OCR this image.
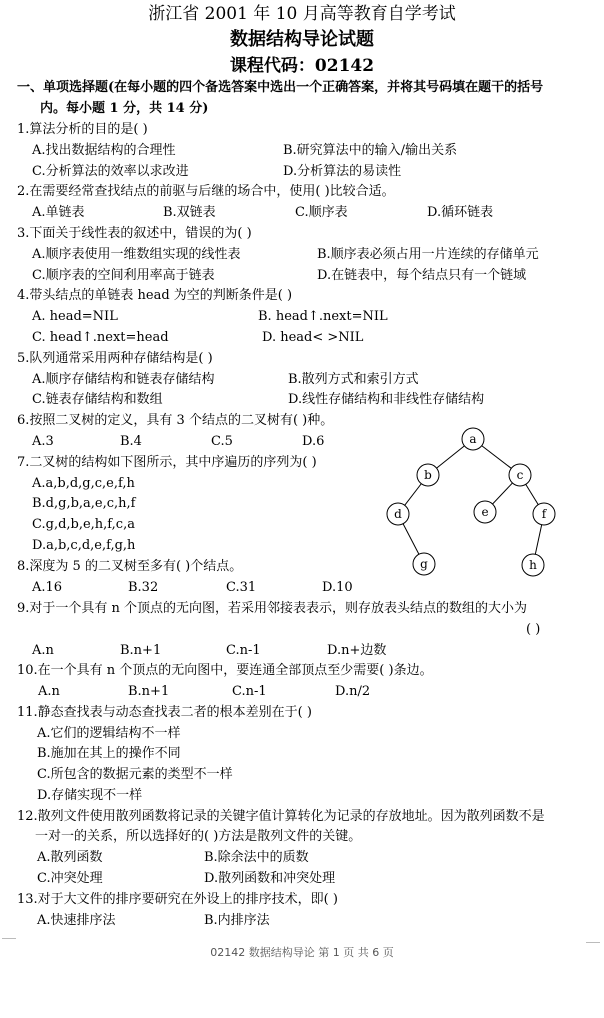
浙江省 2001 年 10 月高等教育自学考试
数据结构导论试题
课程代码：02142
一、单项选择题(在每小题的四个备选答案中选出一个正确答案，并将其号码填在题干的括号
内。每小题 1 分，共 14 分)
1.算法分析的目的是( )
A.找出数据结构的合理性	B.研究算法中的输入/输出关系
C.分析算法的效率以求改进	D.分析算法的易读性
2.在需要经常查找结点的前驱与后继的场合中，使用( )比较合适。
A.单链表	B.双链表	C.顺序表	D.循环链表
3.下面关于线性表的叙述中，错误的为( )
A.顺序表使用一维数组实现的线性表	B.顺序表必须占用一片连续的存储单元
C.顺序表的空间利用率高于链表	D.在链表中，每个结点只有一个链域
4.带头结点的单链表 head 为空的判断条件是( )
A. head=NIL	B. head↑.next=NIL
C. head↑.next=head	D. head< >NIL
5.队列通常采用两种存储结构是( )
A.顺序存储结构和链表存储结构	B.散列方式和索引方式
C.链表存储结构和数组	D.线性存储结构和非线性存储结构
6.按照二叉树的定义，具有 3 个结点的二叉树有( )种。
A.3	B.4	C.5	D.6
7.二叉树的结构如下图所示，其中序遍历的序列为( )
A.a,b,d,g,c,e,f,h
B.d,g,b,a,e,c,h,f
C.g,d,b,e,h,f,c,a
D.a,b,c,d,e,f,g,h
a
b	c
d	e	f
g	h
8.深度为 5 的二叉树至多有( )个结点。
A.16	B.32	C.31	D.10
9.对于一个具有 n 个顶点的无向图，若采用邻接表表示，则存放表头结点的数组的大小为
( )
A.n	B.n+1	C.n-1	D.n+边数
10.在一个具有 n 个顶点的无向图中，要连通全部顶点至少需要( )条边。
A.n	B.n+1	C.n-1	D.n/2
11.静态查找表与动态查找表二者的根本差别在于( )
A.它们的逻辑结构不一样
B.施加在其上的操作不同
C.所包含的数据元素的类型不一样
D.存储实现不一样
12.散列文件使用散列函数将记录的关键字值计算转化为记录的存放地址。因为散列函数不是
一对一的关系，所以选择好的( )方法是散列文件的关键。
A.散列函数	B.除余法中的质数
C.冲突处理	D.散列函数和冲突处理
13.对于大文件的排序要研究在外设上的排序技术，即( )
A.快速排序法	B.内排序法
02142 数据结构导论 第 1 页 共 6 页
